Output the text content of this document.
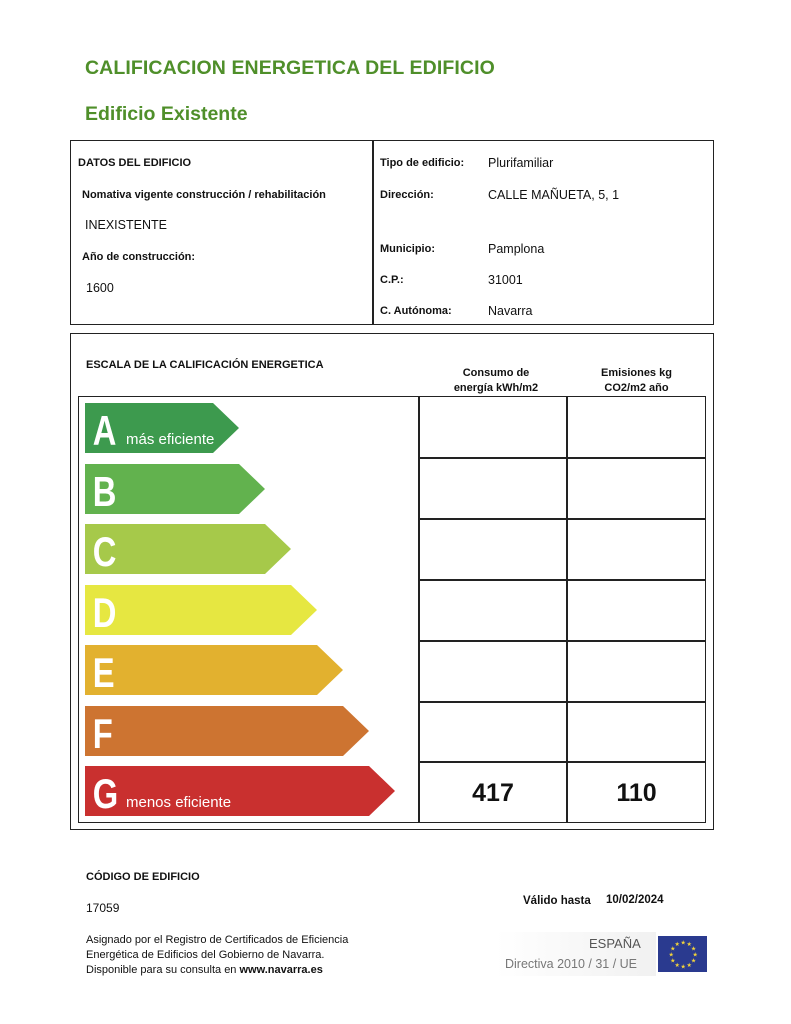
CALIFICACION ENERGETICA DEL EDIFICIO
Edificio Existente
DATOS DEL EDIFICIO
Nomativa vigente construcción / rehabilitación
INEXISTENTE
Año de construcción:
1600
Tipo de edificio: Plurifamiliar
Dirección:	CALLE MAÑUETA, 5, 1
Municipio:	Pamplona
C.P.:	31001
C. Autónoma:	Navarra
ESCALA DE LA CALIFICACIÓN ENERGETICA
Consumo de
energía kWh/m2
Emisiones kg
CO2/m2 año
A más eficiente
B
C
D
E
F
G menos eficiente	417	110
CÓDIGO DE EDIFICIO
17059
Asignado por el Registro de Certificados de Eficiencia
Energética de Edificios del Gobierno de Navarra.
Disponible para su consulta en www.navarra.es
Válido hasta 10/02/2024
ESPAÑA
Directiva 2010 / 31 / UE
★
★
★
★
★
★
★
★
★ ★ ★
★
